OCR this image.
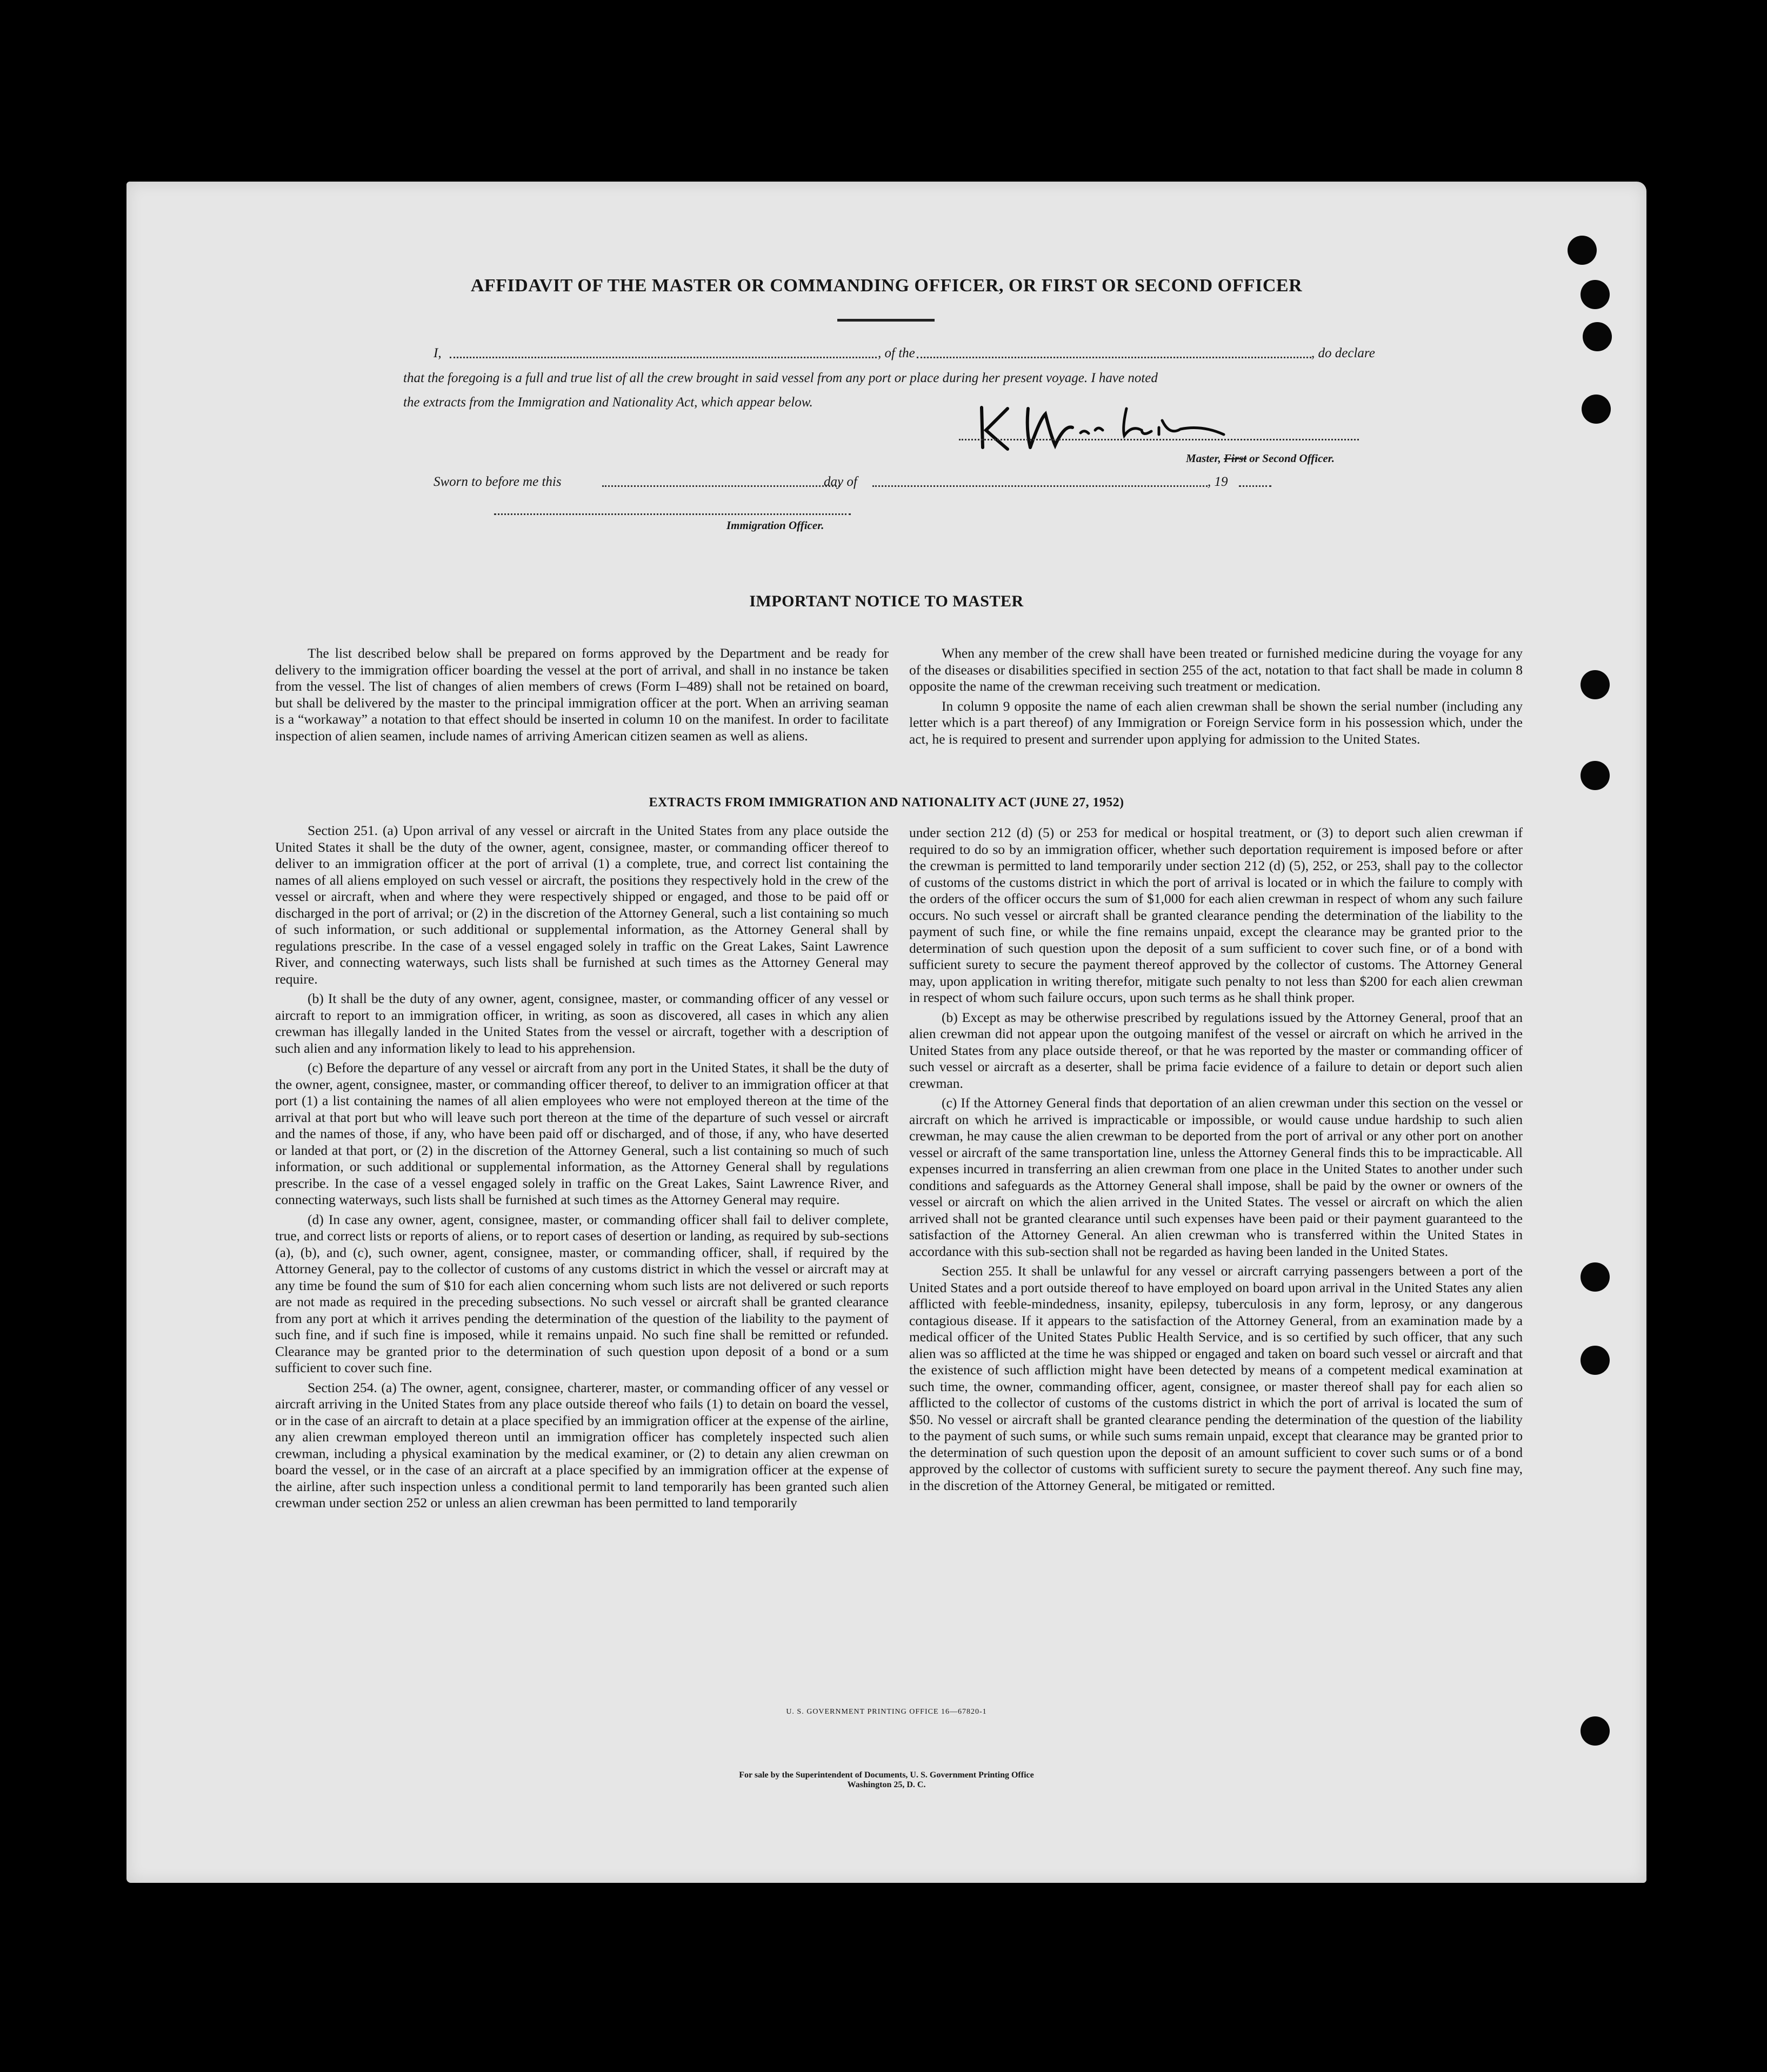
AFFIDAVIT OF THE MASTER OR COMMANDING OFFICER, OR FIRST OR SECOND OFFICER
I,	, of the	, do declare
that the foregoing is a full and true list of all the crew brought in said vessel from any port or place during her present voyage. I have noted
the extracts from the Immigration and Nationality Act, which appear below.
Master, First or Second Officer.
Sworn to before me this	day of	, 19
Immigration Officer.
IMPORTANT NOTICE TO MASTER

The list described below shall be prepared on forms approved by the Department and be ready for delivery to the immigration officer boarding the vessel at the port of arrival, and shall in no instance be taken from the vessel. The list of changes of alien members of crews (Form I–489) shall not be retained on board, but shall be delivered by the master to the principal immigration officer at the port. When an arriving seaman is a “workaway” a notation to that effect should be inserted in column 10 on the manifest. In order to facilitate inspection of alien seamen, include names of arriving American citizen seamen as well as aliens.

When any member of the crew shall have been treated or furnished medicine during the voyage for any of the diseases or disabilities specified in section 255 of the act, notation to that fact shall be made in column 8 opposite the name of the crewman receiving such treatment or medication.

In column 9 opposite the name of each alien crewman shall be shown the serial number (including any letter which is a part thereof) of any Immigration or Foreign Service form in his possession which, under the act, he is required to present and surrender upon applying for admission to the United States.

EXTRACTS FROM IMMIGRATION AND NATIONALITY ACT (JUNE 27, 1952)

Section 251. (a) Upon arrival of any vessel or aircraft in the United States from any place outside the United States it shall be the duty of the owner, agent, consignee, master, or commanding officer thereof to deliver to an immigration officer at the port of arrival (1) a complete, true, and correct list containing the names of all aliens employed on such vessel or aircraft, the positions they respectively hold in the crew of the vessel or aircraft, when and where they were respectively shipped or engaged, and those to be paid off or discharged in the port of arrival; or (2) in the discretion of the Attorney General, such a list containing so much of such information, or such additional or supplemental information, as the Attorney General shall by regulations prescribe. In the case of a vessel engaged solely in traffic on the Great Lakes, Saint Lawrence River, and connecting waterways, such lists shall be furnished at such times as the Attorney General may require.

(b) It shall be the duty of any owner, agent, consignee, master, or commanding officer of any vessel or aircraft to report to an immigration officer, in writing, as soon as discovered, all cases in which any alien crewman has illegally landed in the United States from the vessel or aircraft, together with a description of such alien and any information likely to lead to his apprehension.

(c) Before the departure of any vessel or aircraft from any port in the United States, it shall be the duty of the owner, agent, consignee, master, or commanding officer thereof, to deliver to an immigration officer at that port (1) a list containing the names of all alien employees who were not employed thereon at the time of the arrival at that port but who will leave such port thereon at the time of the departure of such vessel or aircraft and the names of those, if any, who have been paid off or discharged, and of those, if any, who have deserted or landed at that port, or (2) in the discretion of the Attorney General, such a list containing so much of such information, or such additional or supplemental information, as the Attorney General shall by regulations prescribe. In the case of a vessel engaged solely in traffic on the Great Lakes, Saint Lawrence River, and connecting waterways, such lists shall be furnished at such times as the Attorney General may require.

(d) In case any owner, agent, consignee, master, or commanding officer shall fail to deliver complete, true, and correct lists or reports of aliens, or to report cases of desertion or landing, as required by sub-sections (a), (b), and (c), such owner, agent, consignee, master, or commanding officer, shall, if required by the Attorney General, pay to the collector of customs of any customs district in which the vessel or aircraft may at any time be found the sum of $10 for each alien concerning whom such lists are not delivered or such reports are not made as required in the preceding subsections. No such vessel or aircraft shall be granted clearance from any port at which it arrives pending the determination of the question of the liability to the payment of such fine, and if such fine is imposed, while it remains unpaid. No such fine shall be remitted or refunded. Clearance may be granted prior to the determination of such question upon deposit of a bond or a sum sufficient to cover such fine.

Section 254. (a) The owner, agent, consignee, charterer, master, or commanding officer of any vessel or aircraft arriving in the United States from any place outside thereof who fails (1) to detain on board the vessel, or in the case of an aircraft to detain at a place specified by an immigration officer at the expense of the airline, any alien crewman employed thereon until an immigration officer has completely inspected such alien crewman, including a physical examination by the medical examiner, or (2) to detain any alien crewman on board the vessel, or in the case of an aircraft at a place specified by an immigration officer at the expense of the airline, after such inspection unless a conditional permit to land temporarily has been granted such alien crewman under section 252 or unless an alien crewman has been permitted to land temporarily

under section 212 (d) (5) or 253 for medical or hospital treatment, or (3) to deport such alien crewman if required to do so by an immigration officer, whether such deportation requirement is imposed before or after the crewman is permitted to land temporarily under section 212 (d) (5), 252, or 253, shall pay to the collector of customs of the customs district in which the port of arrival is located or in which the failure to comply with the orders of the officer occurs the sum of $1,000 for each alien crewman in respect of whom any such failure occurs. No such vessel or aircraft shall be granted clearance pending the determination of the liability to the payment of such fine, or while the fine remains unpaid, except the clearance may be granted prior to the determination of such question upon the deposit of a sum sufficient to cover such fine, or of a bond with sufficient surety to secure the payment thereof approved by the collector of customs. The Attorney General may, upon application in writing therefor, mitigate such penalty to not less than $200 for each alien crewman in respect of whom such failure occurs, upon such terms as he shall think proper.

(b) Except as may be otherwise prescribed by regulations issued by the Attorney General, proof that an alien crewman did not appear upon the outgoing manifest of the vessel or aircraft on which he arrived in the United States from any place outside thereof, or that he was reported by the master or commanding officer of such vessel or aircraft as a deserter, shall be prima facie evidence of a failure to detain or deport such alien crewman.

(c) If the Attorney General finds that deportation of an alien crewman under this section on the vessel or aircraft on which he arrived is impracticable or impossible, or would cause undue hardship to such alien crewman, he may cause the alien crewman to be deported from the port of arrival or any other port on another vessel or aircraft of the same transportation line, unless the Attorney General finds this to be impracticable. All expenses incurred in transferring an alien crewman from one place in the United States to another under such conditions and safeguards as the Attorney General shall impose, shall be paid by the owner or owners of the vessel or aircraft on which the alien arrived in the United States. The vessel or aircraft on which the alien arrived shall not be granted clearance until such expenses have been paid or their payment guaranteed to the satisfaction of the Attorney General. An alien crewman who is transferred within the United States in accordance with this sub-section shall not be regarded as having been landed in the United States.

Section 255. It shall be unlawful for any vessel or aircraft carrying passengers between a port of the United States and a port outside thereof to have employed on board upon arrival in the United States any alien afflicted with feeble-mindedness, insanity, epilepsy, tuberculosis in any form, leprosy, or any dangerous contagious disease. If it appears to the satisfaction of the Attorney General, from an examination made by a medical officer of the United States Public Health Service, and is so certified by such officer, that any such alien was so afflicted at the time he was shipped or engaged and taken on board such vessel or aircraft and that the existence of such affliction might have been detected by means of a competent medical examination at such time, the owner, commanding officer, agent, consignee, or master thereof shall pay for each alien so afflicted to the collector of customs of the customs district in which the port of arrival is located the sum of $50. No vessel or aircraft shall be granted clearance pending the determination of the question of the liability to the payment of such sums, or while such sums remain unpaid, except that clearance may be granted prior to the determination of such question upon the deposit of an amount sufficient to cover such sums or of a bond approved by the collector of customs with sufficient surety to secure the payment thereof. Any such fine may, in the discretion of the Attorney General, be mitigated or remitted.

U. S. GOVERNMENT PRINTING OFFICE 16—67820-1
For sale by the Superintendent of Documents, U. S. Government Printing Office
Washington 25, D. C.
